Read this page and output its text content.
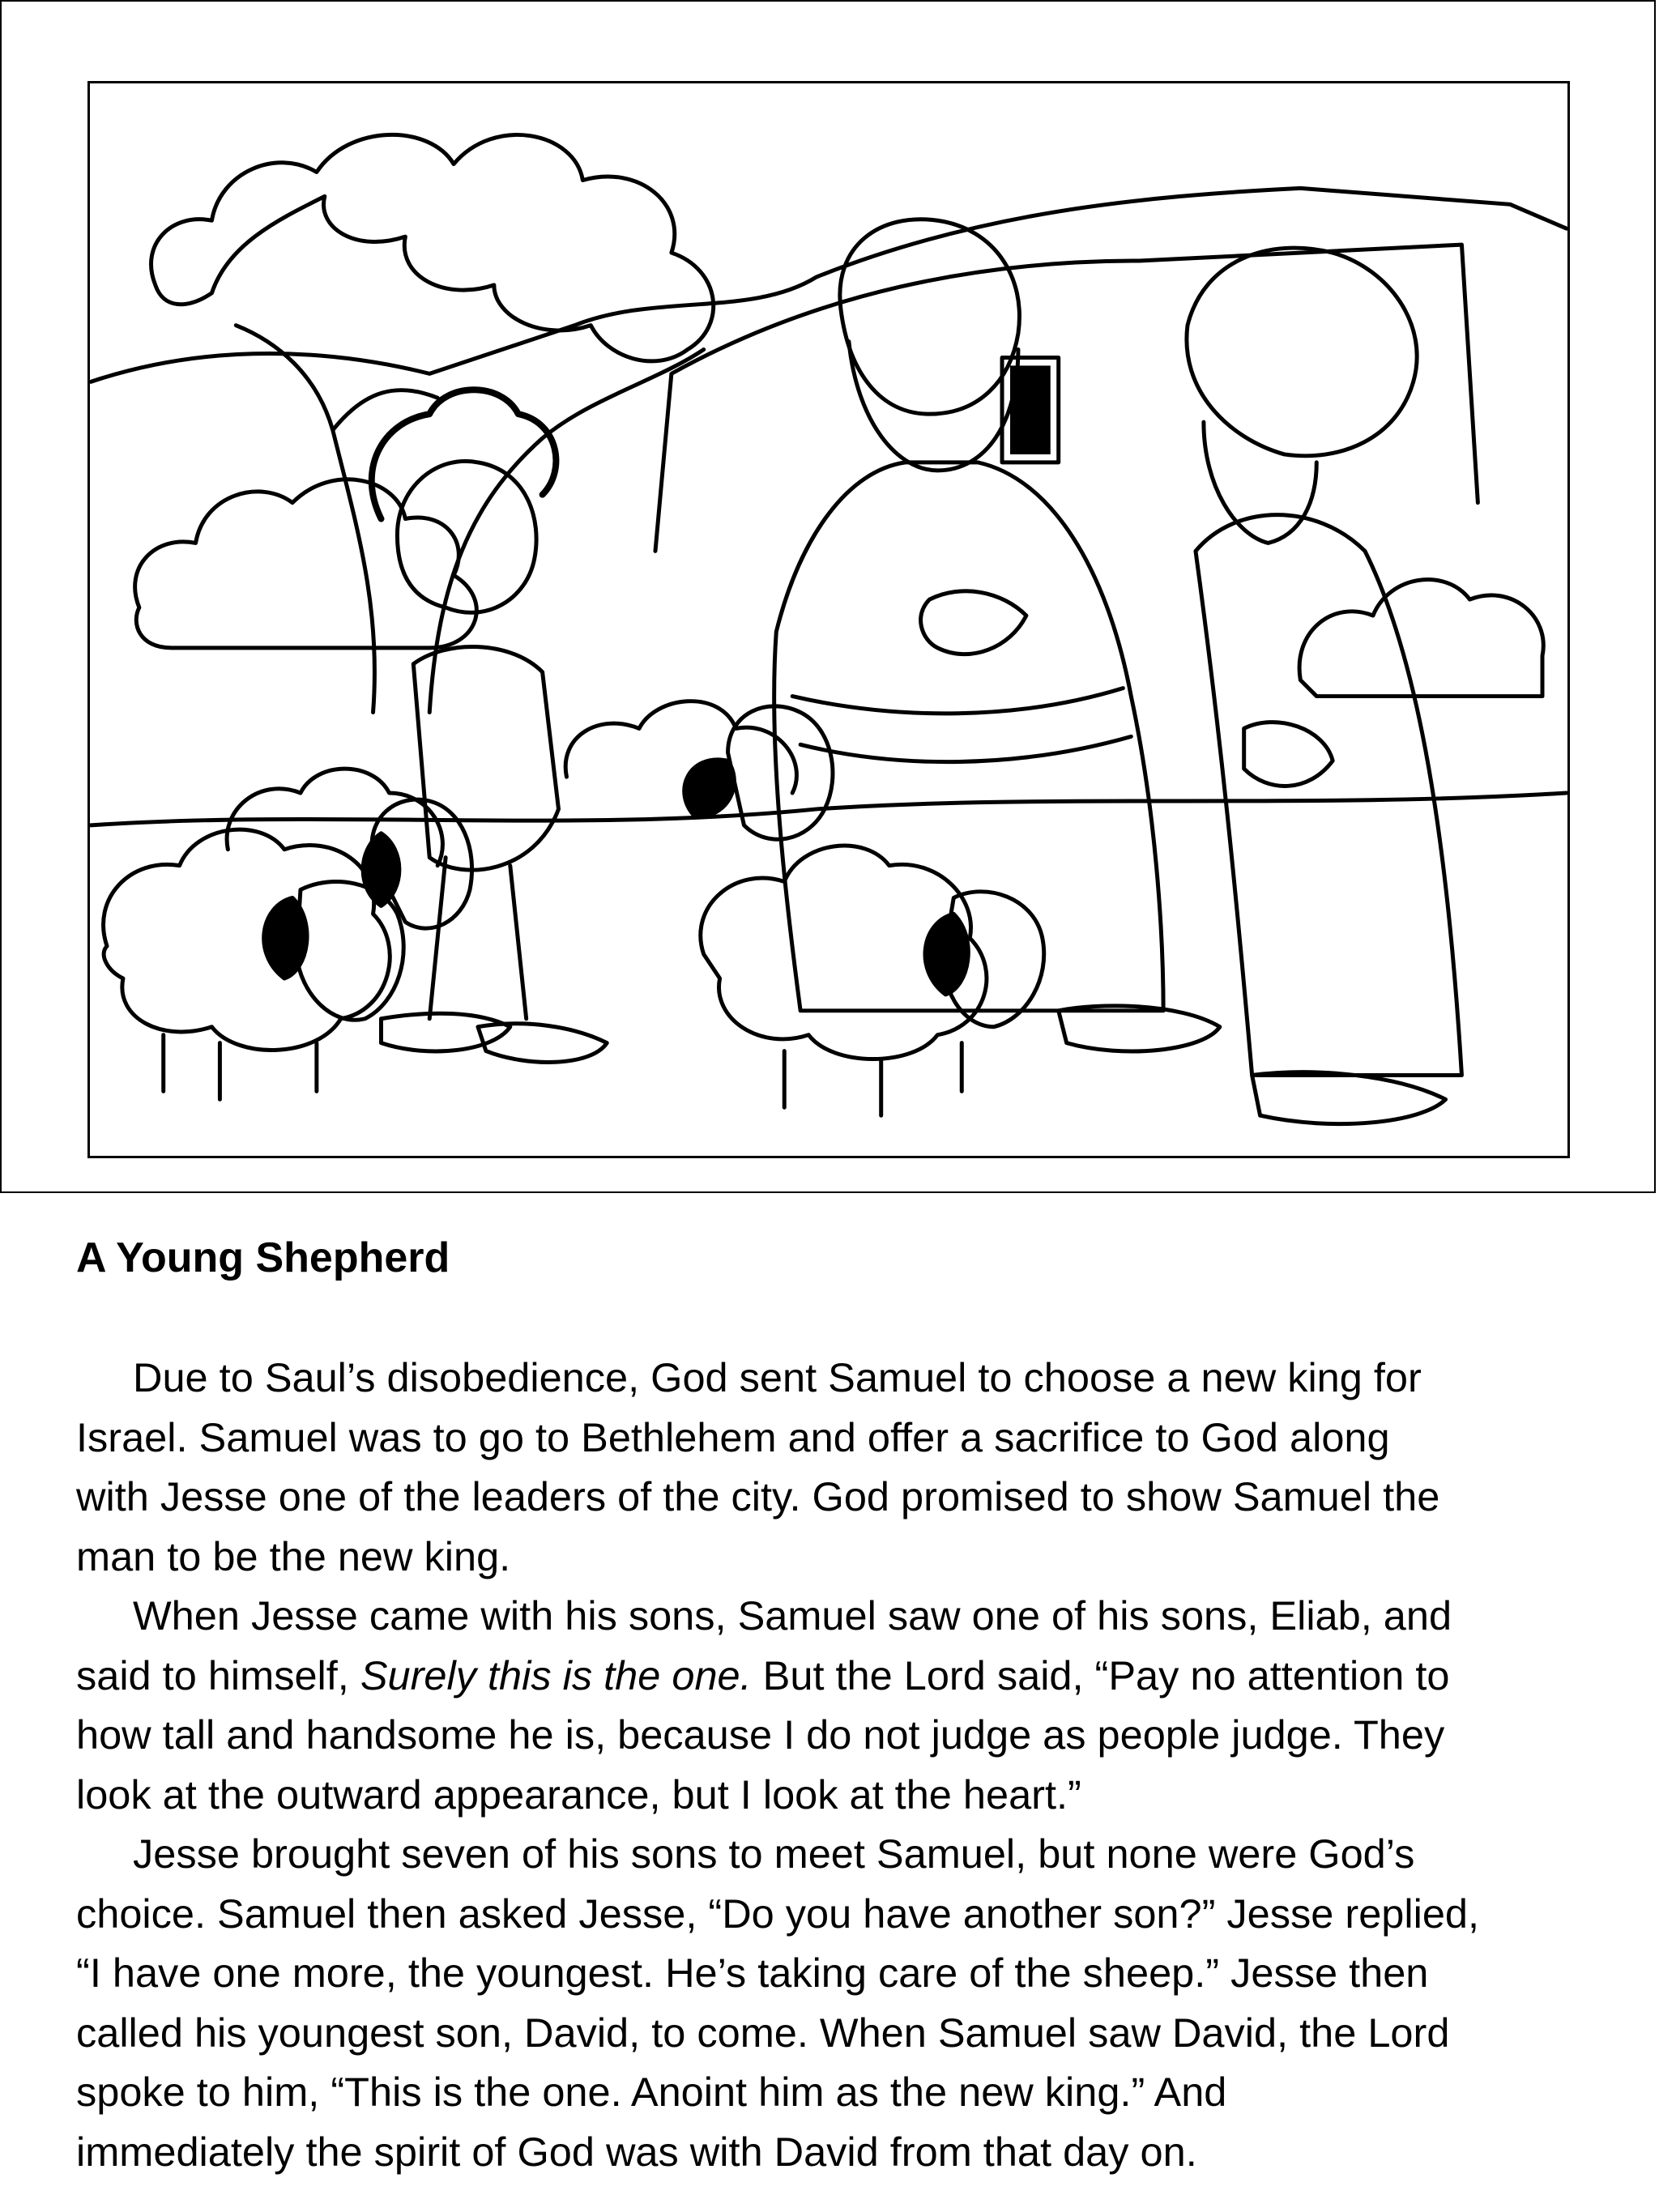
A Young Shepherd

Due to Saul’s disobedience, God sent Samuel to choose a new king for
Israel. Samuel was to go to Bethlehem and offer a sacrifice to God along
with Jesse one of the leaders of the city. God promised to show Samuel the
man to be the new king.

When Jesse came with his sons, Samuel saw one of his sons, Eliab, and
said to himself, Surely this is the one. But the Lord said, “Pay no attention to
how tall and handsome he is, because I do not judge as people judge. They
look at the outward appearance, but I look at the heart.”

Jesse brought seven of his sons to meet Samuel, but none were God’s
choice. Samuel then asked Jesse, “Do you have another son?” Jesse replied,
“I have one more, the youngest. He’s taking care of the sheep.” Jesse then
called his youngest son, David, to come. When Samuel saw David, the Lord
spoke to him, “This is the one. Anoint him as the new king.” And
immediately the spirit of God was with David from that day on.
